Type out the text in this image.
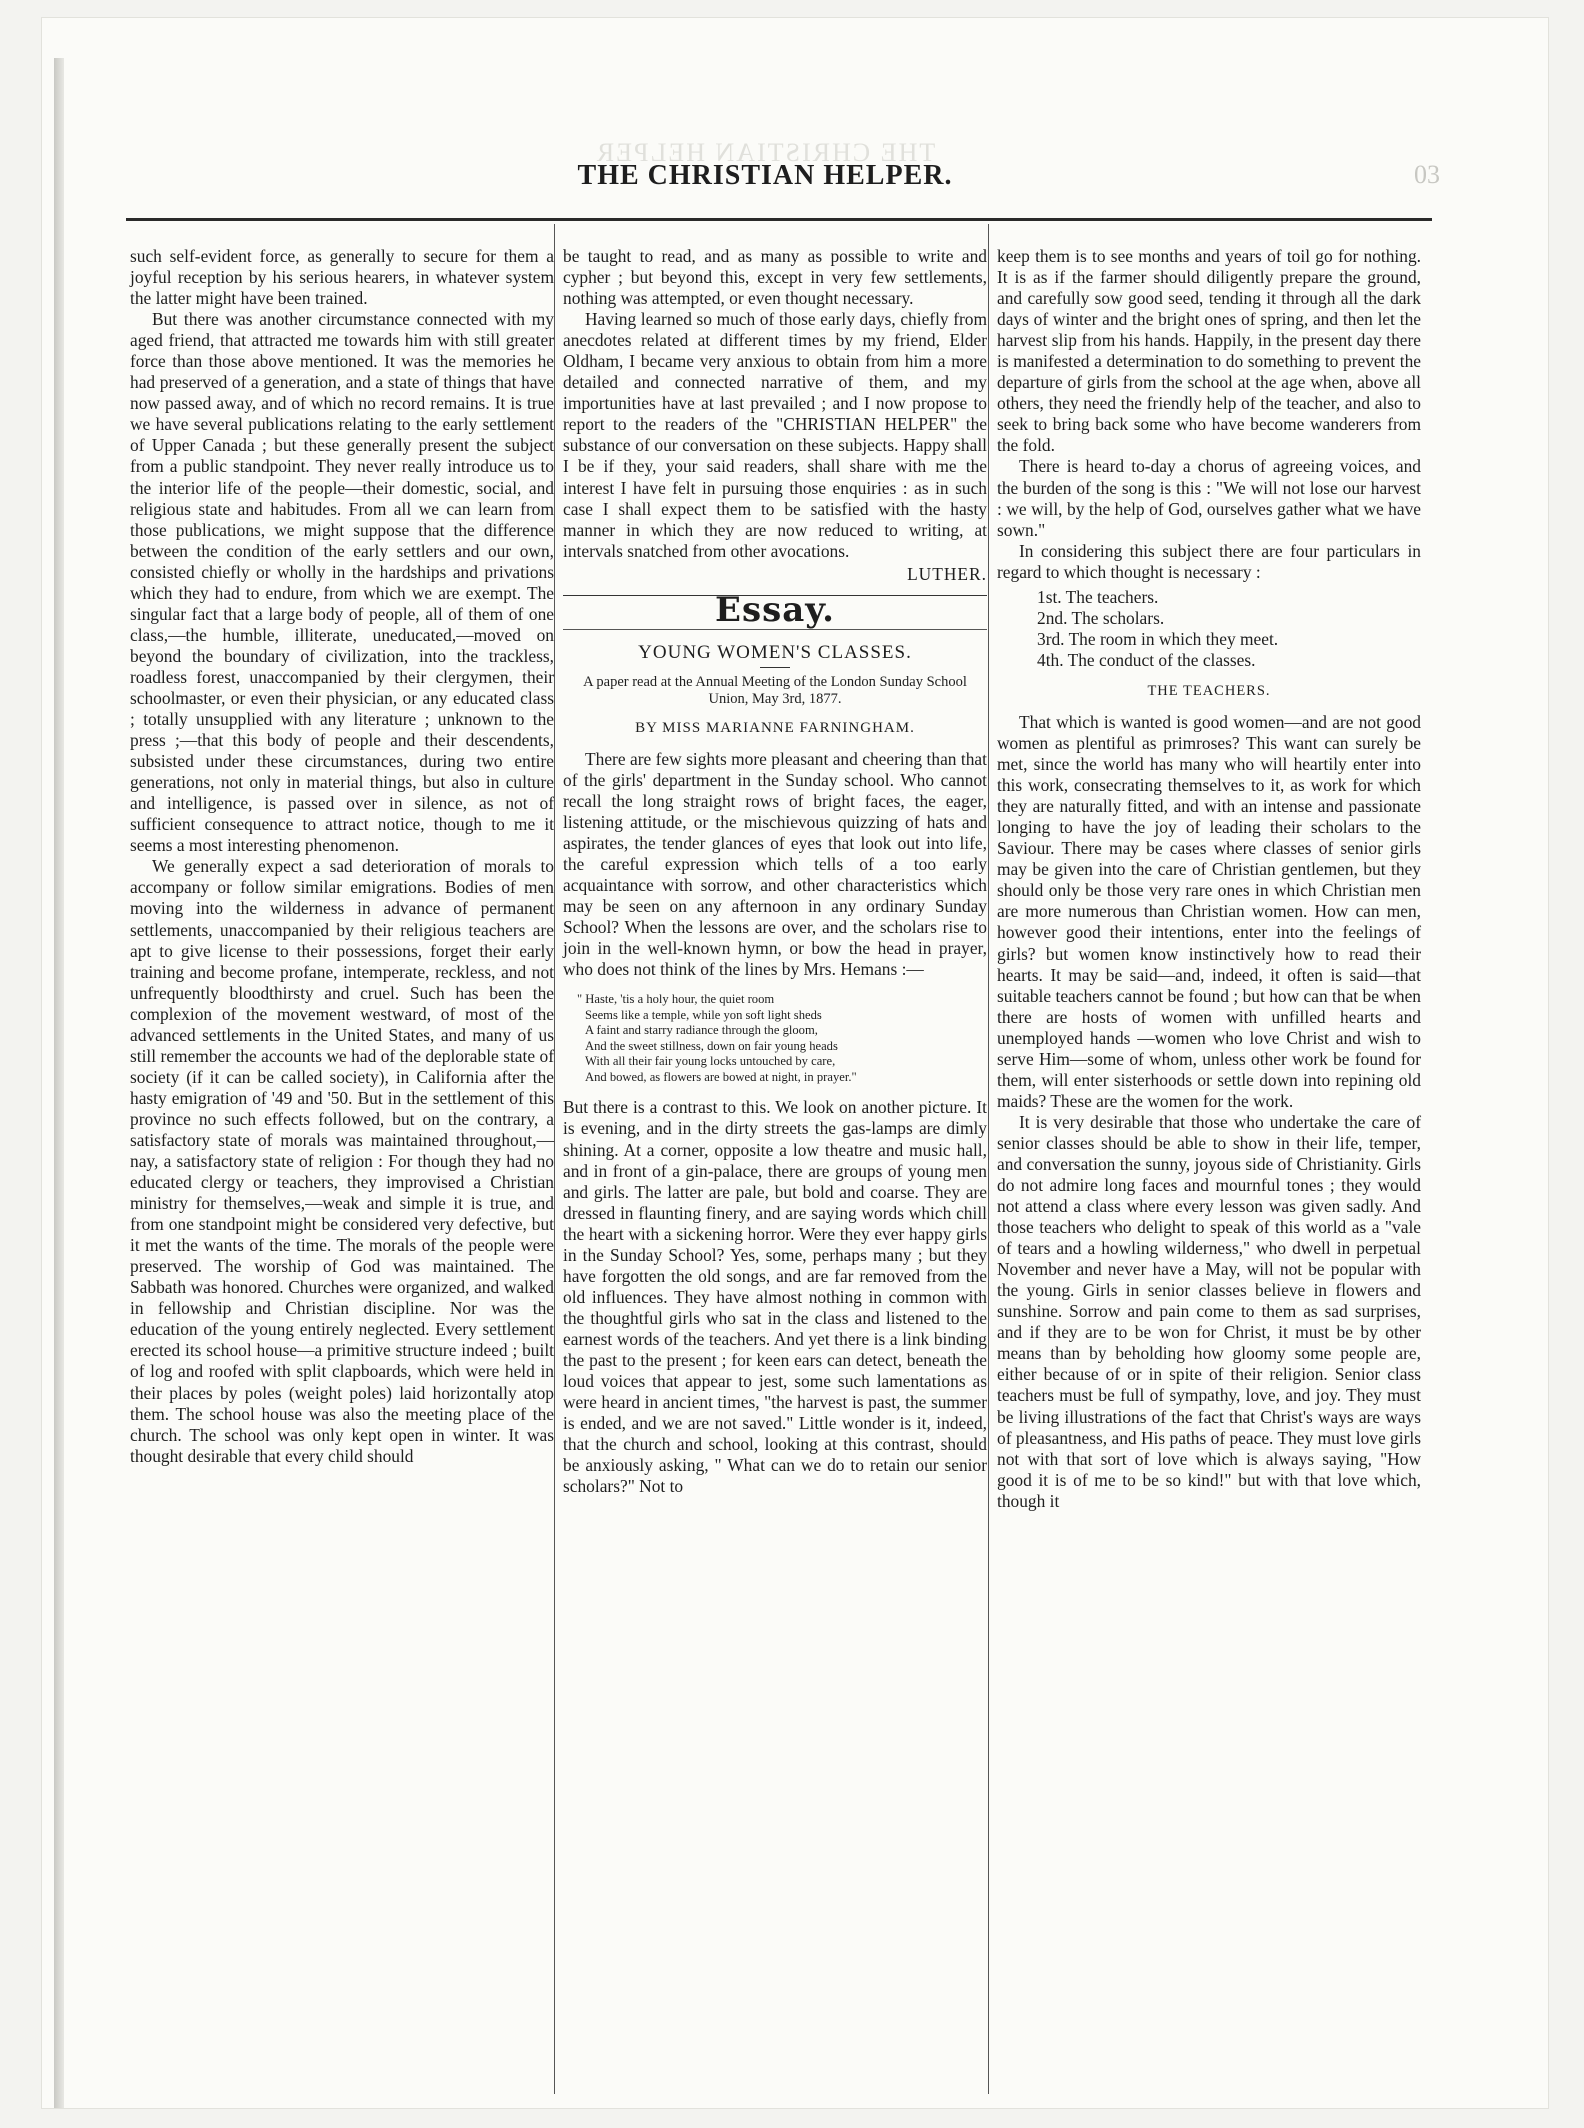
THE CHRISTIAN HELPER
THE CHRISTIAN HELPER.	03

such self-evident force, as generally to secure for them a joyful reception by his serious hearers, in whatever system the latter might have been trained.

But there was another circumstance connected with my aged friend, that attracted me towards him with still greater force than those above mentioned. It was the memories he had preserved of a generation, and a state of things that have now passed away, and of which no record remains. It is true we have several publications relating to the early settlement of Upper Canada ; but these generally present the subject from a public standpoint. They never really introduce us to the interior life of the people—their domestic, social, and religious state and habitudes. From all we can learn from those publications, we might suppose that the difference between the condition of the early settlers and our own, consisted chiefly or wholly in the hardships and privations which they had to endure, from which we are exempt. The singular fact that a large body of people, all of them of one class,—the humble, illiterate, uneducated,—moved on beyond the boundary of civilization, into the trackless, roadless forest, unaccompanied by their clergymen, their schoolmaster, or even their physician, or any educated class ; totally unsupplied with any literature ; unknown to the press ;—that this body of people and their descendents, subsisted under these circumstances, during two entire generations, not only in material things, but also in culture and intelligence, is passed over in silence, as not of sufficient consequence to attract notice, though to me it seems a most interesting phenomenon.

We generally expect a sad deterioration of morals to accompany or follow similar emigrations. Bodies of men moving into the wilderness in advance of permanent settlements, unaccompanied by their religious teachers are apt to give license to their possessions, forget their early training and become profane, intemperate, reckless, and not unfrequently bloodthirsty and cruel. Such has been the complexion of the movement westward, of most of the advanced settlements in the United States, and many of us still remember the accounts we had of the deplorable state of society (if it can be called society), in California after the hasty emigration of '49 and '50. But in the settlement of this province no such effects followed, but on the contrary, a satisfactory state of morals was maintained throughout,—nay, a satisfactory state of religion : For though they had no educated clergy or teachers, they improvised a Christian ministry for themselves,—weak and simple it is true, and from one standpoint might be considered very defective, but it met the wants of the time. The morals of the people were preserved. The worship of God was maintained. The Sabbath was honored. Churches were organized, and walked in fellowship and Christian discipline. Nor was the education of the young entirely neglected. Every settlement erected its school house—a primitive structure indeed ; built of log and roofed with split clapboards, which were held in their places by poles (weight poles) laid horizontally atop them. The school house was also the meeting place of the church. The school was only kept open in winter. It was thought desirable that every child should

be taught to read, and as many as possible to write and cypher ; but beyond this, except in very few settlements, nothing was attempted, or even thought necessary.

Having learned so much of those early days, chiefly from anecdotes related at different times by my friend, Elder Oldham, I became very anxious to obtain from him a more detailed and connected narrative of them, and my importunities have at last prevailed ; and I now propose to report to the readers of the "CHRISTIAN HELPER" the substance of our conversation on these subjects. Happy shall I be if they, your said readers, shall share with me the interest I have felt in pursuing those enquiries : as in such case I shall expect them to be satisfied with the hasty manner in which they are now reduced to writing, at intervals snatched from other avocations.

LUTHER.
Essay.
YOUNG WOMEN'S CLASSES.
A paper read at the Annual Meeting of the London Sunday School Union, May 3rd, 1877.
BY MISS MARIANNE FARNINGHAM.

There are few sights more pleasant and cheering than that of the girls' department in the Sunday school. Who cannot recall the long straight rows of bright faces, the eager, listening attitude, or the mischievous quizzing of hats and aspirates, the tender glances of eyes that look out into life, the careful expression which tells of a too early acquaintance with sorrow, and other characteristics which may be seen on any afternoon in any ordinary Sunday School? When the lessons are over, and the scholars rise to join in the well-known hymn, or bow the head in prayer, who does not think of the lines by Mrs. Hemans :—

" Haste, 'tis a holy hour, the quiet room
Seems like a temple, while yon soft light sheds
A faint and starry radiance through the gloom,
And the sweet stillness, down on fair young heads
With all their fair young locks untouched by care,
And bowed, as flowers are bowed at night, in prayer."

But there is a contrast to this. We look on another picture. It is evening, and in the dirty streets the gas-lamps are dimly shining. At a corner, opposite a low theatre and music hall, and in front of a gin-palace, there are groups of young men and girls. The latter are pale, but bold and coarse. They are dressed in flaunting finery, and are saying words which chill the heart with a sickening horror. Were they ever happy girls in the Sunday School? Yes, some, perhaps many ; but they have forgotten the old songs, and are far removed from the old influences. They have almost nothing in common with the thoughtful girls who sat in the class and listened to the earnest words of the teachers. And yet there is a link binding the past to the present ; for keen ears can detect, beneath the loud voices that appear to jest, some such lamentations as were heard in ancient times, "the harvest is past, the summer is ended, and we are not saved." Little wonder is it, indeed, that the church and school, looking at this contrast, should be anxiously asking, " What can we do to retain our senior scholars?" Not to

keep them is to see months and years of toil go for nothing. It is as if the farmer should diligently prepare the ground, and carefully sow good seed, tending it through all the dark days of winter and the bright ones of spring, and then let the harvest slip from his hands. Happily, in the present day there is manifested a determination to do something to prevent the departure of girls from the school at the age when, above all others, they need the friendly help of the teacher, and also to seek to bring back some who have become wanderers from the fold.

There is heard to-day a chorus of agreeing voices, and the burden of the song is this : "We will not lose our harvest : we will, by the help of God, ourselves gather what we have sown."

In considering this subject there are four particulars in regard to which thought is necessary :

1st. The teachers.
2nd. The scholars.
3rd. The room in which they meet.
4th. The conduct of the classes.
THE TEACHERS.

That which is wanted is good women—and are not good women as plentiful as primroses? This want can surely be met, since the world has many who will heartily enter into this work, consecrating themselves to it, as work for which they are naturally fitted, and with an intense and passionate longing to have the joy of leading their scholars to the Saviour. There may be cases where classes of senior girls may be given into the care of Christian gentlemen, but they should only be those very rare ones in which Christian men are more numerous than Christian women. How can men, however good their intentions, enter into the feelings of girls? but women know instinctively how to read their hearts. It may be said—and, indeed, it often is said—that suitable teachers cannot be found ; but how can that be when there are hosts of women with unfilled hearts and unemployed hands —women who love Christ and wish to serve Him—some of whom, unless other work be found for them, will enter sisterhoods or settle down into repining old maids? These are the women for the work.

It is very desirable that those who undertake the care of senior classes should be able to show in their life, temper, and conversation the sunny, joyous side of Christianity. Girls do not admire long faces and mournful tones ; they would not attend a class where every lesson was given sadly. And those teachers who delight to speak of this world as a "vale of tears and a howling wilderness," who dwell in perpetual November and never have a May, will not be popular with the young. Girls in senior classes believe in flowers and sunshine. Sorrow and pain come to them as sad surprises, and if they are to be won for Christ, it must be by other means than by beholding how gloomy some people are, either because of or in spite of their religion. Senior class teachers must be full of sympathy, love, and joy. They must be living illustrations of the fact that Christ's ways are ways of pleasantness, and His paths of peace. They must love girls not with that sort of love which is always saying, "How good it is of me to be so kind!" but with that love which, though it
